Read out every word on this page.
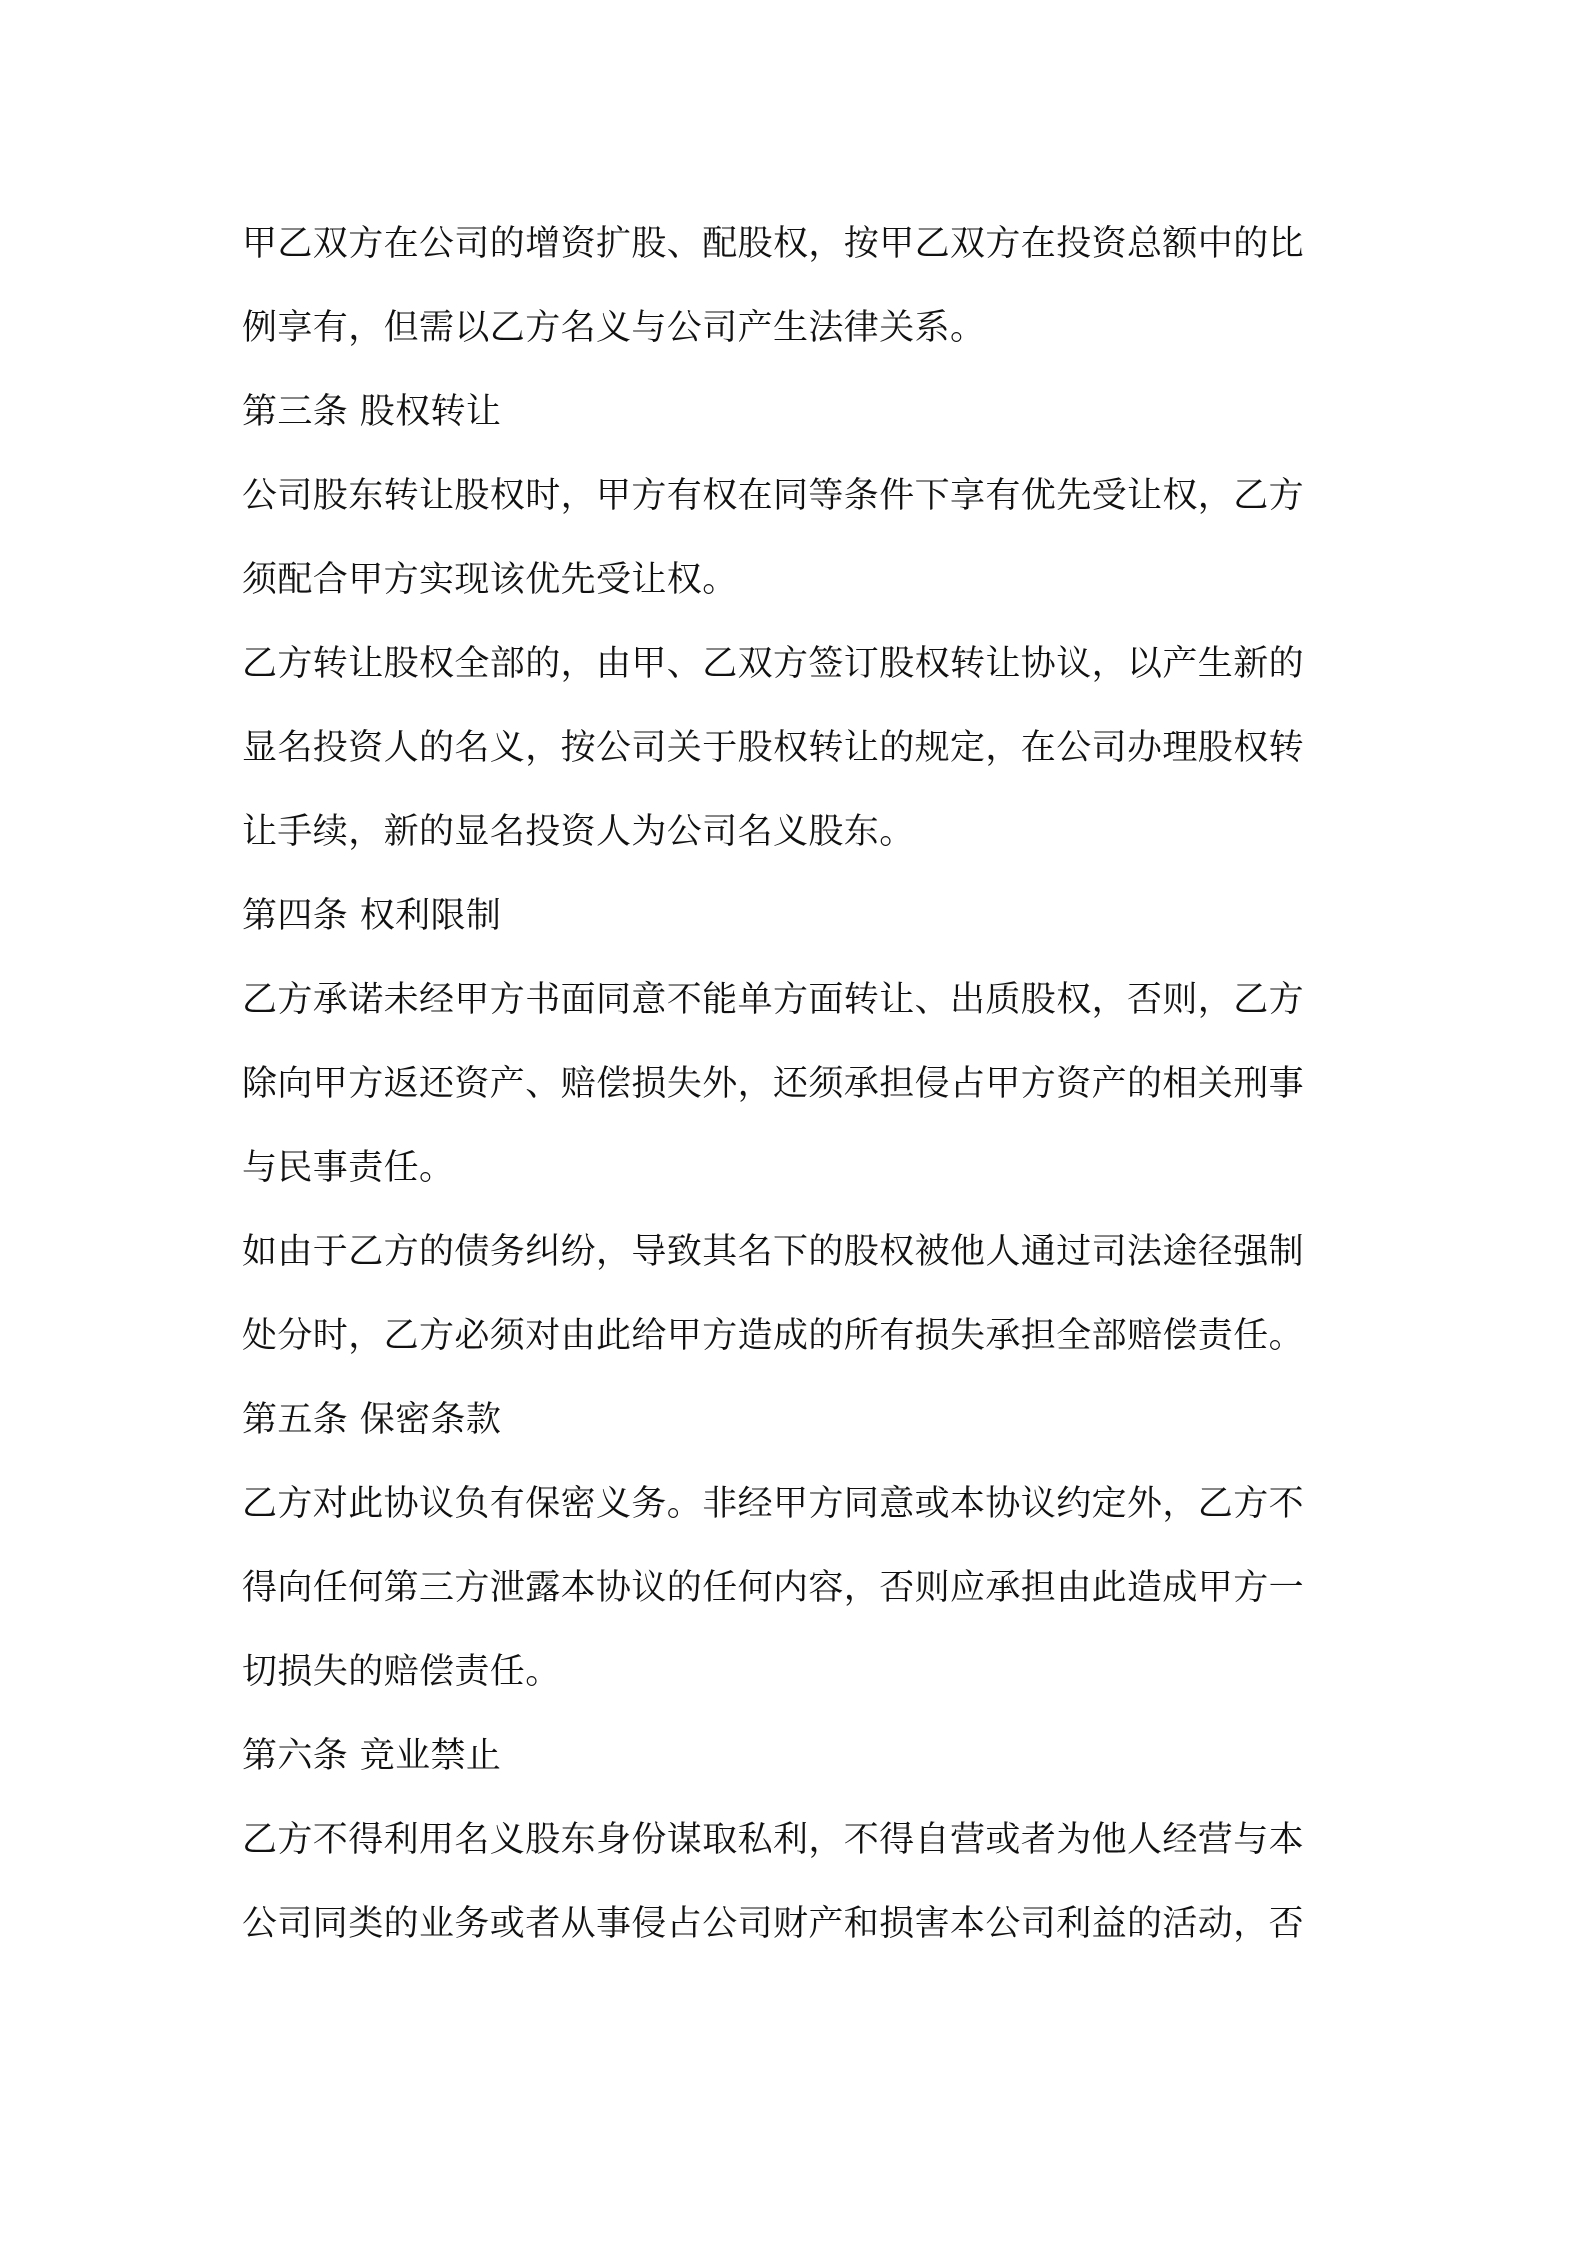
甲乙双方在公司的增资扩股、配股权，按甲乙双方在投资总额中的比
例享有，但需以乙方名义与公司产生法律关系。
第三条 股权转让
公司股东转让股权时，甲方有权在同等条件下享有优先受让权，乙方
须配合甲方实现该优先受让权。
乙方转让股权全部的，由甲、乙双方签订股权转让协议，以产生新的
显名投资人的名义，按公司关于股权转让的规定，在公司办理股权转
让手续，新的显名投资人为公司名义股东。
第四条 权利限制
乙方承诺未经甲方书面同意不能单方面转让、出质股权，否则，乙方
除向甲方返还资产、赔偿损失外，还须承担侵占甲方资产的相关刑事
与民事责任。
如由于乙方的债务纠纷，导致其名下的股权被他人通过司法途径强制
处分时，乙方必须对由此给甲方造成的所有损失承担全部赔偿责任。
第五条 保密条款
乙方对此协议负有保密义务。非经甲方同意或本协议约定外，乙方不
得向任何第三方泄露本协议的任何内容，否则应承担由此造成甲方一
切损失的赔偿责任。
第六条 竞业禁止
乙方不得利用名义股东身份谋取私利，不得自营或者为他人经营与本
公司同类的业务或者从事侵占公司财产和损害本公司利益的活动，否
